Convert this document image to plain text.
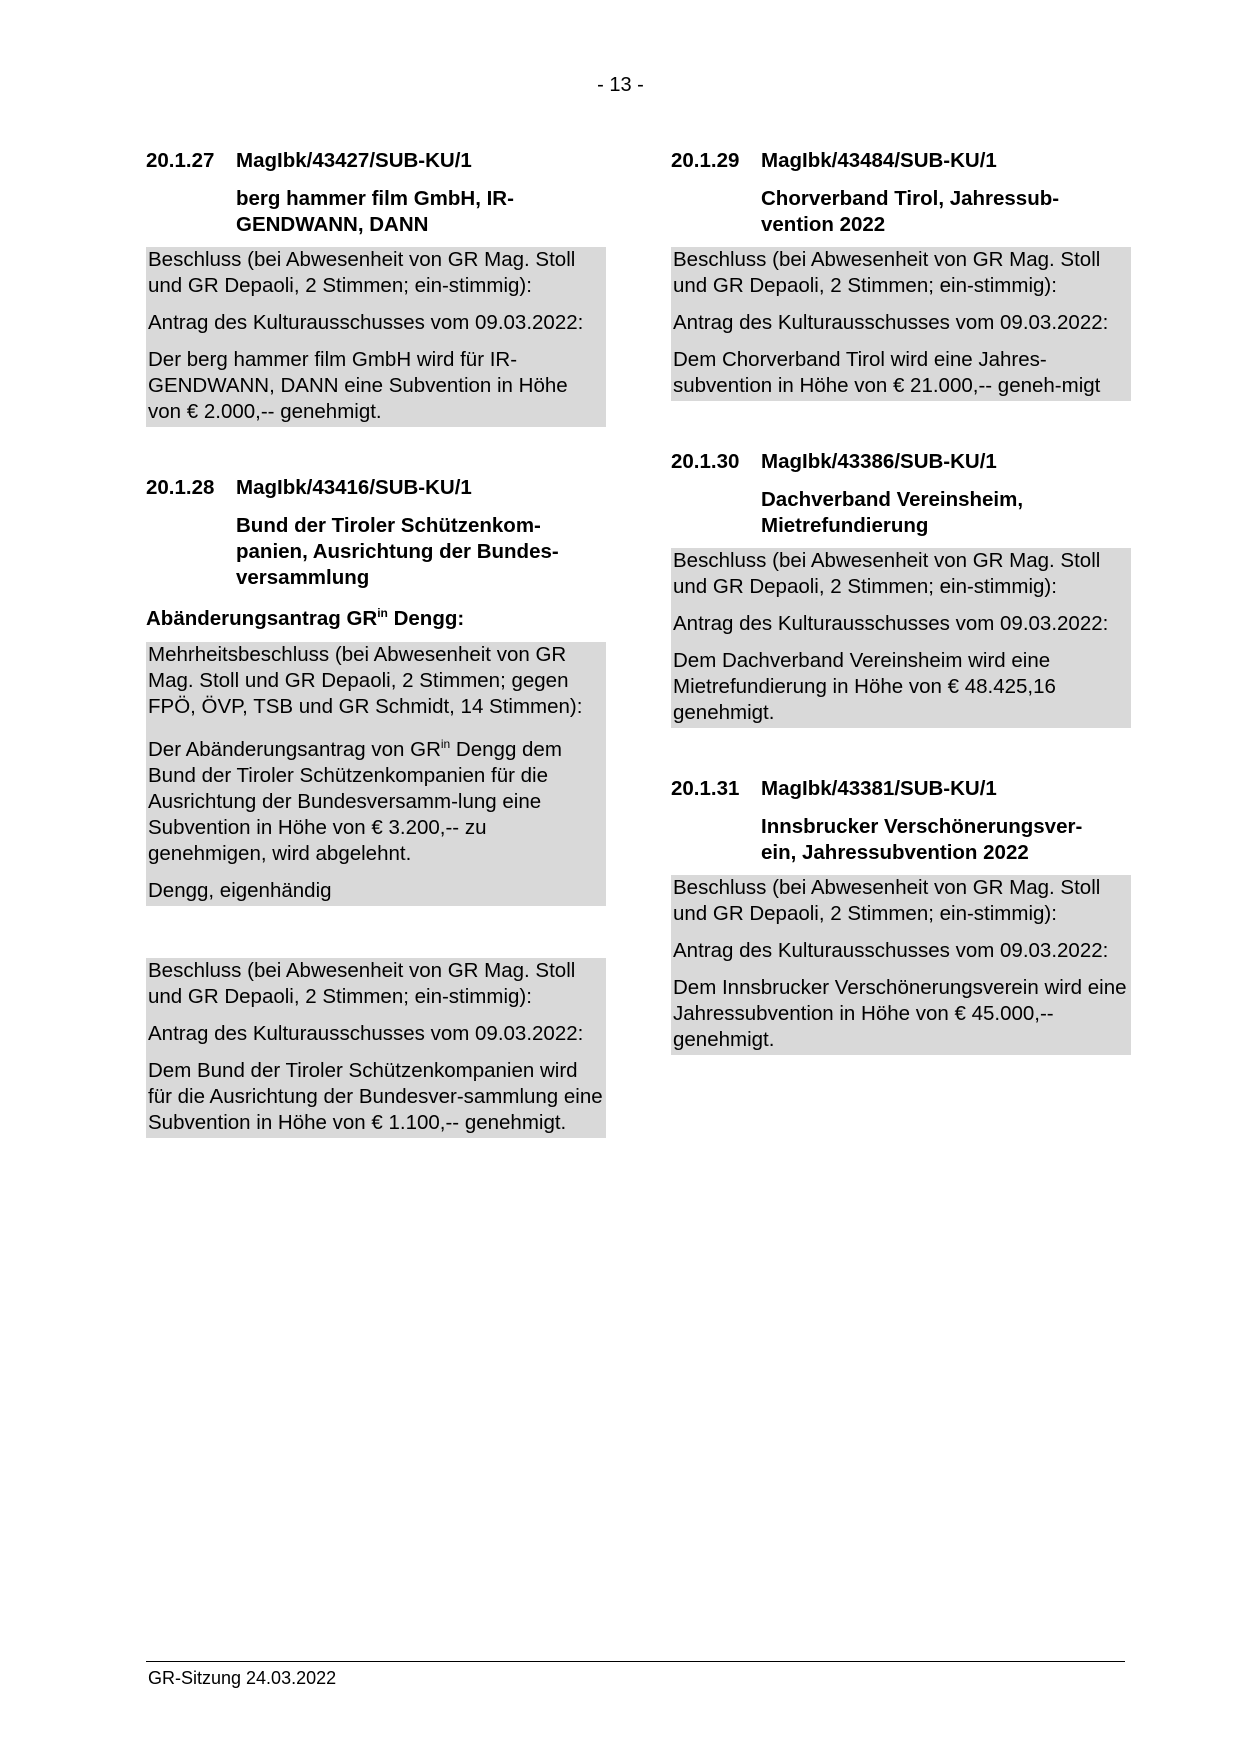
- 13 -
20.1.27	MagIbk/43427/SUB-KU/1
berg hammer film GmbH, IR-
GENDWANN, DANN

Beschluss (bei Abwesenheit von GR Mag. Stoll und GR Depaoli, 2 Stimmen; ein-stimmig):

Antrag des Kulturausschusses vom 09.03.2022:

Der berg hammer film GmbH wird für IR-GENDWANN, DANN eine Subvention in Höhe von € 2.000,-- genehmigt.

20.1.28	MagIbk/43416/SUB-KU/1
Bund der Tiroler Schützenkom-
panien, Ausrichtung der Bundes-
versammlung
Abänderungsantrag $GR^{in}$ Dengg:

Mehrheitsbeschluss (bei Abwesenheit von GR Mag. Stoll und GR Depaoli, 2 Stimmen; gegen FPÖ, ÖVP, TSB und GR Schmidt, 14 Stimmen):

Der Abänderungsantrag von $GR^{in}$ Dengg dem Bund der Tiroler Schützenkompanien für die Ausrichtung der Bundesversamm-lung eine Subvention in Höhe von € 3.200,-- zu genehmigen, wird abgelehnt.

Dengg, eigenhändig

Beschluss (bei Abwesenheit von GR Mag. Stoll und GR Depaoli, 2 Stimmen; ein-stimmig):

Antrag des Kulturausschusses vom 09.03.2022:

Dem Bund der Tiroler Schützenkompanien wird für die Ausrichtung der Bundesver-sammlung eine Subvention in Höhe von € 1.100,-- genehmigt.

20.1.29	MagIbk/43484/SUB-KU/1
Chorverband Tirol, Jahressub-
vention 2022

Beschluss (bei Abwesenheit von GR Mag. Stoll und GR Depaoli, 2 Stimmen; ein-stimmig):

Antrag des Kulturausschusses vom 09.03.2022:

Dem Chorverband Tirol wird eine Jahres-subvention in Höhe von € 21.000,-- geneh-migt

20.1.30	MagIbk/43386/SUB-KU/1
Dachverband Vereinsheim,
Mietrefundierung

Beschluss (bei Abwesenheit von GR Mag. Stoll und GR Depaoli, 2 Stimmen; ein-stimmig):

Antrag des Kulturausschusses vom 09.03.2022:

Dem Dachverband Vereinsheim wird eine Mietrefundierung in Höhe von € 48.425,16 genehmigt.

20.1.31	MagIbk/43381/SUB-KU/1
Innsbrucker Verschönerungsver-
ein, Jahressubvention 2022

Beschluss (bei Abwesenheit von GR Mag. Stoll und GR Depaoli, 2 Stimmen; ein-stimmig):

Antrag des Kulturausschusses vom 09.03.2022:

Dem Innsbrucker Verschönerungsverein wird eine Jahressubvention in Höhe von € 45.000,-- genehmigt.

GR-Sitzung 24.03.2022
